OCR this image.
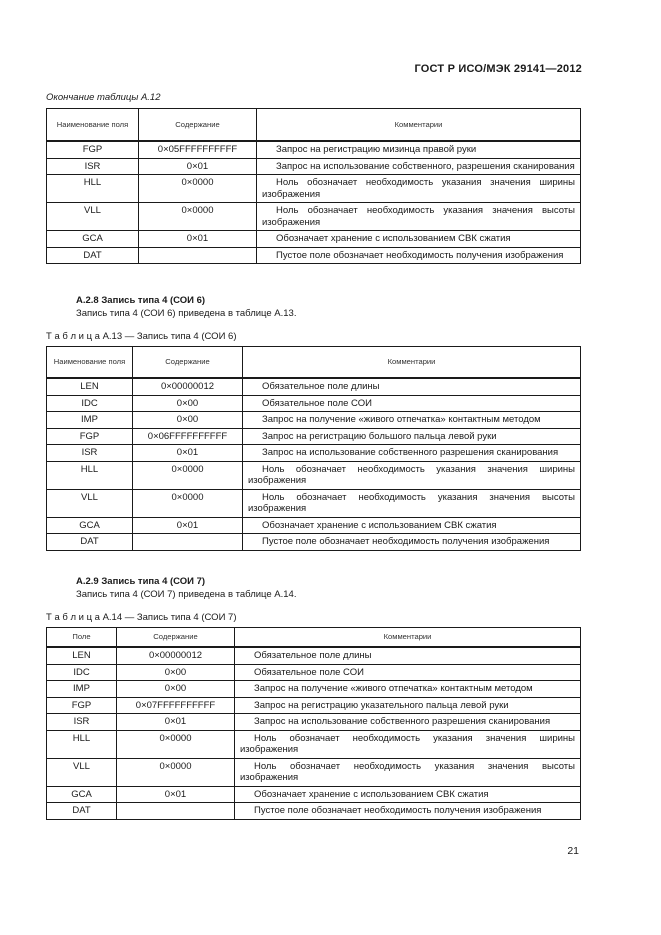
ГОСТ Р ИСО/МЭК 29141—2012
Окончание таблицы А.12
Наименование поля	Содержание	Комментарии
FGP	0×05FFFFFFFFFF	Запрос на регистрацию мизинца правой руки
ISR	0×01	Запрос на использование собственного, разрешения сканирования
HLL	0×0000	Ноль обозначает необходимость указания значения ширины изображения
VLL	0×0000	Ноль обозначает необходимость указания значения высоты изображения
GCA	0×01	Обозначает хранение с использованием СВК сжатия
DAT		Пустое поле обозначает необходимость получения изображения
А.2.8 Запись типа 4 (СОИ 6)
Запись типа 4 (СОИ 6) приведена в таблице А.13.
Т а б л и ц а А.13 — Запись типа 4 (СОИ 6)
Наименование поля	Содержание	Комментарии
LEN	0×00000012	Обязательное поле длины
IDC	0×00	Обязательное поле СОИ
IMP	0×00	Запрос на получение «живого отпечатка» контактным методом
FGP	0×06FFFFFFFFFF	Запрос на регистрацию большого пальца левой руки
ISR	0×01	Запрос на использование собственного разрешения сканирования
HLL	0×0000	Ноль обозначает необходимость указания значения ширины изображения
VLL	0×0000	Ноль обозначает необходимость указания значения высоты изображения
GCA	0×01	Обозначает хранение с использованием СВК сжатия
DAT		Пустое поле обозначает необходимость получения изображения
А.2.9 Запись типа 4 (СОИ 7)
Запись типа 4 (СОИ 7) приведена в таблице А.14.
Т а б л и ц а А.14 — Запись типа 4 (СОИ 7)
Поле	Содержание	Комментарии
LEN	0×00000012	Обязательное поле длины
IDC	0×00	Обязательное поле СОИ
IMP	0×00	Запрос на получение «живого отпечатка» контактным методом
FGP	0×07FFFFFFFFFF	Запрос на регистрацию указательного пальца левой руки
ISR	0×01	Запрос на использование собственного разрешения сканирования
HLL	0×0000	Ноль обозначает необходимость указания значения ширины изображения
VLL	0×0000	Ноль обозначает необходимость указания значения высоты изображения
GCA	0×01	Обозначает хранение с использованием СВК сжатия
DAT		Пустое поле обозначает необходимость получения изображения
21
